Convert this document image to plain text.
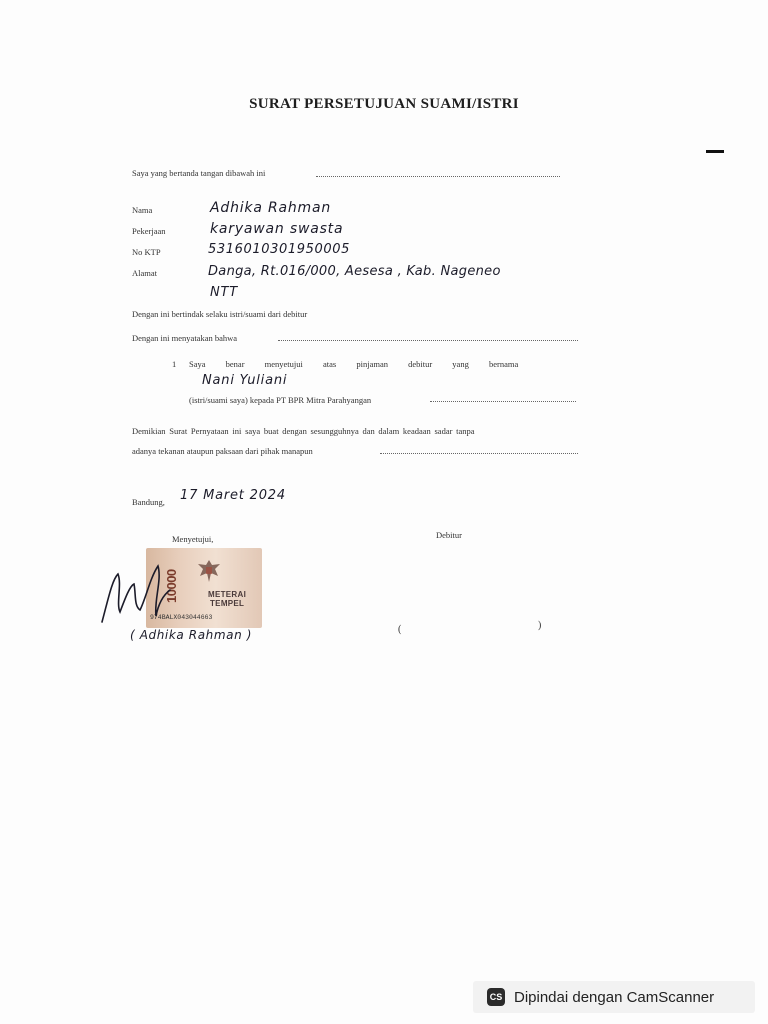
SURAT PERSETUJUAN SUAMI/ISTRI
Saya yang bertanda tangan dibawah ini
Nama	Adhika Rahman
Pekerjaan	karyawan swasta
No KTP	5316010301950005
Alamat	Danga, Rt.016/000, Aesesa , Kab. Nageneo
NTT
Dengan ini bertindak selaku istri/suami dari debitur
Dengan ini menyatakan bahwa
1 Saya benar menyetujui atas pinjaman debitur yang bernama
Nani Yuliani
(istri/suami saya) kepada PT BPR Mitra Parahyangan
Demikian Surat Pernyataan ini saya buat dengan sesungguhnya dan dalam keadaan sadar tanpa
adanya tekanan ataupun paksaan dari pihak manapun
Bandung, 17 Maret 2024
Menyetujui,	Debitur
10000	METERAI
TEMPEL
974BALX043044663
( Adhika Rahman )	(	)
CS Dipindai dengan CamScanner
